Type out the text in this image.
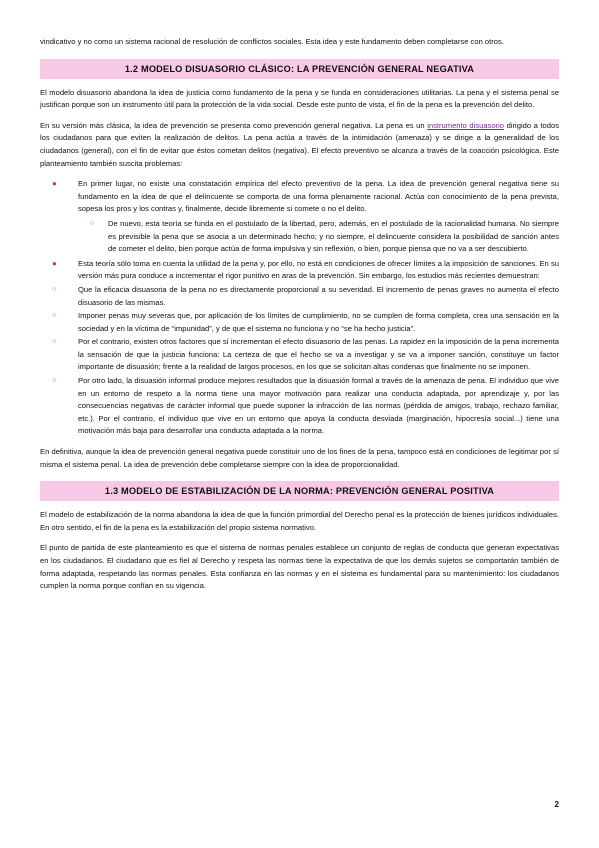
vindicativo y no como un sistema racional de resolución de conflictos sociales. Esta idea y este fundamento deben completarse con otros.

1.2 MODELO DISUASORIO CLÁSICO: LA PREVENCIÓN GENERAL NEGATIVA

El modelo disuasorio abandona la idea de justicia como fundamento de la pena y se funda en consideraciones utilitarias. La pena y el sistema penal se justifican porque son un instrumento útil para la protección de la vida social. Desde este punto de vista, el fin de la pena es la prevención del delito.

En su versión más clásica, la idea de prevención se presenta como prevención general negativa. La pena es un instrumento disuasorio dirigido a todos los ciudadanos para que eviten la realización de delitos. La pena actúa a través de la intimidación (amenaza) y se dirige a la generalidad de los ciudadanos (general), con el fin de evitar que éstos cometan delitos (negativa). El efecto preventivo se alcanza a través de la coacción psicológica. Este planteamiento también suscita problemas:

●	En primer lugar, no existe una constatación empírica del efecto preventivo de la pena. La idea de prevención general negativa tiene su fundamento en la idea de que el delincuente se comporta de una forma plenamente racional. Actúa con conocimiento de la pena prevista, sopesa los pros y los contras y, finalmente, decide libremente si comete o no el delito.
○ De nuevo, esta teoría se funda en el postulado de la libertad, pero, además, en el postulado de la racionalidad humana. No siempre es previsible la pena que se asocia a un determinado hecho; y no siempre, el delincuente considera la posibilidad de sanción antes de cometer el delito, bien porque actúa de forma impulsiva y sin reflexión, o bien, porque piensa que no va a ser descubierto.
●	Esta teoría sólo toma en cuenta la utilidad de la pena y, por ello, no está en condiciones de ofrecer límites a la imposición de sanciones. En su versión más pura conduce a incrementar el rigor punitivo en aras de la prevención. Sin embargo, los estudios más recientes demuestran:
○	Que la eficacia disuasoria de la pena no es directamente proporcional a su severidad. El incremento de penas graves no aumenta el efecto disuasorio de las mismas.
○	Imponer penas muy severas que, por aplicación de los límites de cumplimiento, no se cumplen de forma completa, crea una sensación en la sociedad y en la víctima de “impunidad”, y de que el sistema no funciona y no “se ha hecho justicia”.
○	Por el contrario, existen otros factores que sí incrementan el efecto disuasorio de las penas. La rapidez en la imposición de la pena incrementa la sensación de que la justicia funciona: La certeza de que el hecho se va a investigar y se va a imponer sanción, constituye un factor importante de disuasión; frente a la realidad de largos procesos, en los que se solicitan altas condenas que finalmente no se imponen.
○	Por otro lado, la disuasión informal produce mejores resultados que la disuasión formal a través de la amenaza de pena. El individuo que vive en un entorno de respeto a la norma tiene una mayor motivación para realizar una conducta adaptada, por aprendizaje y, por las consecuencias negativas de carácter informal que puede suponer la infracción de las normas (pérdida de amigos, trabajo, rechazo familiar, etc.). Por el contrario, el individuo que vive en un entorno que apoya la conducta desviada (marginación, hipocresía social...) tiene una motivación más baja para desarrollar una conducta adaptada a la norma.

En definitiva, aunque la idea de prevención general negativa puede constituir uno de los fines de la pena, tampoco está en condiciones de legitimar por sí misma el sistema penal. La idea de prevención debe completarse siempre con la idea de proporcionalidad.

1.3 MODELO DE ESTABILIZACIÓN DE LA NORMA: PREVENCIÓN GENERAL POSITIVA

El modelo de estabilización de la norma abandona la idea de que la función primordial del Derecho penal es la protección de bienes jurídicos individuales. En otro sentido, el fin de la pena es la estabilización del propio sistema normativo.

El punto de partida de este planteamiento es que el sistema de normas penales establece un conjunto de reglas de conducta que generan expectativas en los ciudadanos. El ciudadano que es fiel al Derecho y respeta las normas tiene la expectativa de que los demás sujetos se comportarán también de forma adaptada, respetando las normas penales. Esta confianza en las normas y en el sistema es fundamental para su mantenimiento: los ciudadanos cumplen la norma porque confían en su vigencia.

2
